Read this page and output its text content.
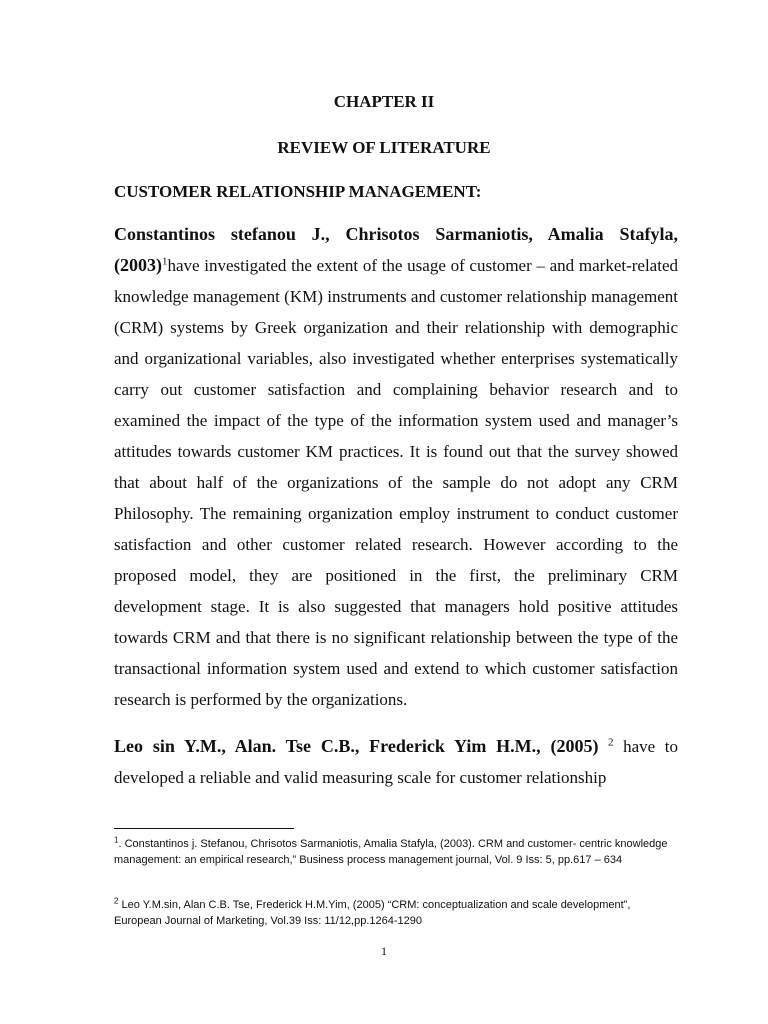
CHAPTER II

REVIEW OF LITERATURE

CUSTOMER RELATIONSHIP MANAGEMENT:

Constantinos stefanou J., Chrisotos Sarmaniotis, Amalia Stafyla, $(2003)^1have$ investigated the extent of the usage of customer – and market-related knowledge management (KM) instruments and customer relationship management (CRM) systems by Greek organization and their relationship with demographic and organizational variables, also investigated whether enterprises systematically carry out customer satisfaction and complaining behavior research and to examined the impact of the type of the information system used and manager’s attitudes towards customer KM practices. It is found out that the survey showed that about half of the organizations of the sample do not adopt any CRM Philosophy. The remaining organization employ instrument to conduct customer satisfaction and other customer related research. However according to the proposed model, they are positioned in the first, the preliminary CRM development stage. It is also suggested that managers hold positive attitudes towards CRM and that there is no significant relationship between the type of the transactional information system used and extend to which customer satisfaction research is performed by the organizations.

Leo sin Y.M., Alan. Tse C.B., Frederick Yim H.M., (2005) $^2$ have to developed a reliable and valid measuring scale for customer relationship

$^1$. Constantinos j. Stefanou, Chrisotos Sarmaniotis, Amalia Stafyla, (2003). CRM and customer- centric knowledge management: an empirical research,” Business process management journal, Vol. 9 Iss: 5, pp.617 – 634

$^2$ Leo Y.M.sin, Alan C.B. Tse, Frederick H.M.Yim, (2005) “CRM: conceptualization and scale development”, European Journal of Marketing, Vol.39 Iss: 11/12,pp.1264-1290

1
